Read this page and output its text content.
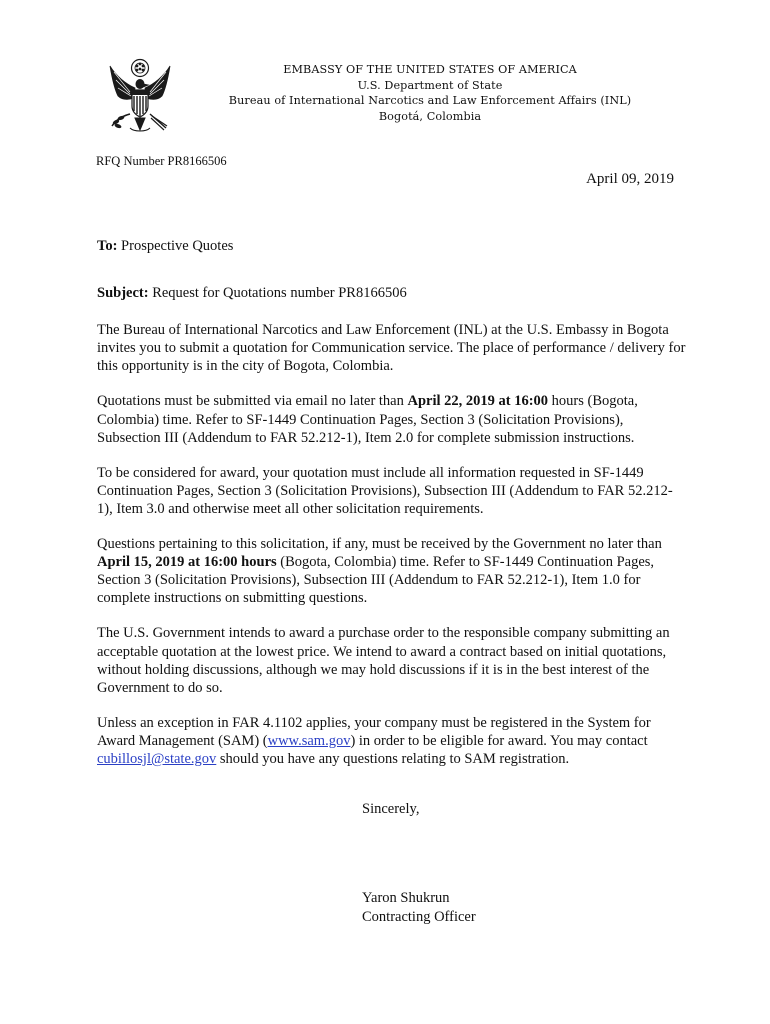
EMBASSY OF THE UNITED STATES OF AMERICA
U.S. Department of State
Bureau of International Narcotics and Law Enforcement Affairs (INL)
Bogotá, Colombia
RFQ Number PR8166506
April 09, 2019

To: Prospective Quotes

Subject: Request for Quotations number PR8166506

The Bureau of International Narcotics and Law Enforcement (INL) at the U.S. Embassy in Bogota invites you to submit a quotation for Communication service. The place of performance / delivery for this opportunity is in the city of Bogota, Colombia.

Quotations must be submitted via email no later than April 22, 2019 at 16:00 hours (Bogota, Colombia) time. Refer to SF-1449 Continuation Pages, Section 3 (Solicitation Provisions), Subsection III (Addendum to FAR 52.212-1), Item 2.0 for complete submission instructions.

To be considered for award, your quotation must include all information requested in SF-1449 Continuation Pages, Section 3 (Solicitation Provisions), Subsection III (Addendum to FAR 52.212-1), Item 3.0 and otherwise meet all other solicitation requirements.

Questions pertaining to this solicitation, if any, must be received by the Government no later than April 15, 2019 at 16:00 hours (Bogota, Colombia) time. Refer to SF-1449 Continuation Pages, Section 3 (Solicitation Provisions), Subsection III (Addendum to FAR 52.212-1), Item 1.0 for complete instructions on submitting questions.

The U.S. Government intends to award a purchase order to the responsible company submitting an acceptable quotation at the lowest price. We intend to award a contract based on initial quotations, without holding discussions, although we may hold discussions if it is in the best interest of the Government to do so.

Unless an exception in FAR 4.1102 applies, your company must be registered in the System for Award Management (SAM) (www.sam.gov) in order to be eligible for award. You may contact cubillosjl@state.gov should you have any questions relating to SAM registration.

Sincerely,
Yaron Shukrun
Contracting Officer
